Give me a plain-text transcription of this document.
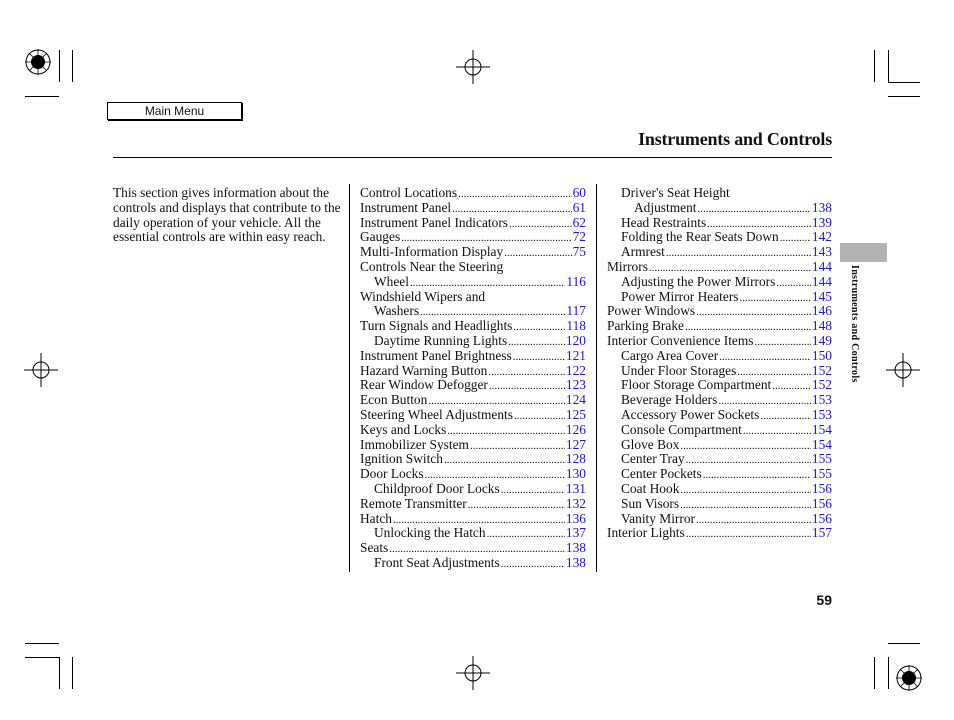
Main Menu
Instruments and Controls
This section gives information about the controls and displays that contribute to the daily operation of your vehicle. All the essential controls are within easy reach.
Control Locations .....	60
Instrument Panel .....	61
Instrument Panel Indicators .....	62
Gauges .....	72
Multi-Information Display .....	75
Controls Near the Steering
Wheel .....	116
Windshield Wipers and
Washers .....	117
Turn Signals and Headlights .....	118
Daytime Running Lights .....	120
Instrument Panel Brightness .....	121
Hazard Warning Button .....	122
Rear Window Defogger .....	123
Econ Button .....	124
Steering Wheel Adjustments .....	125
Keys and Locks .....	126
Immobilizer System .....	127
Ignition Switch .....	128
Door Locks .....	130
Childproof Door Locks .....	131
Remote Transmitter .....	132
Hatch .....	136
Unlocking the Hatch .....	137
Seats .....	138
Front Seat Adjustments .....	138
Driver's Seat Height
Adjustment .....	138
Head Restraints .....	139
Folding the Rear Seats Down ..... 142
Armrest .....	143
Mirrors .....	144
Adjusting the Power Mirrors .....	144
Power Mirror Heaters .....	145
Power Windows .....	146
Parking Brake .....	148
Interior Convenience Items .....	149
Cargo Area Cover .....	150
Under Floor Storages .....	152
Floor Storage Compartment .....	152
Beverage Holders .....	153
Accessory Power Sockets .....	153
Console Compartment .....	154
Glove Box .....	154
Center Tray .....	155
Center Pockets .....	155
Coat Hook .....	156
Sun Visors .....	156
Vanity Mirror .....	156
Interior Lights .....	157
Instruments and Controls
59
